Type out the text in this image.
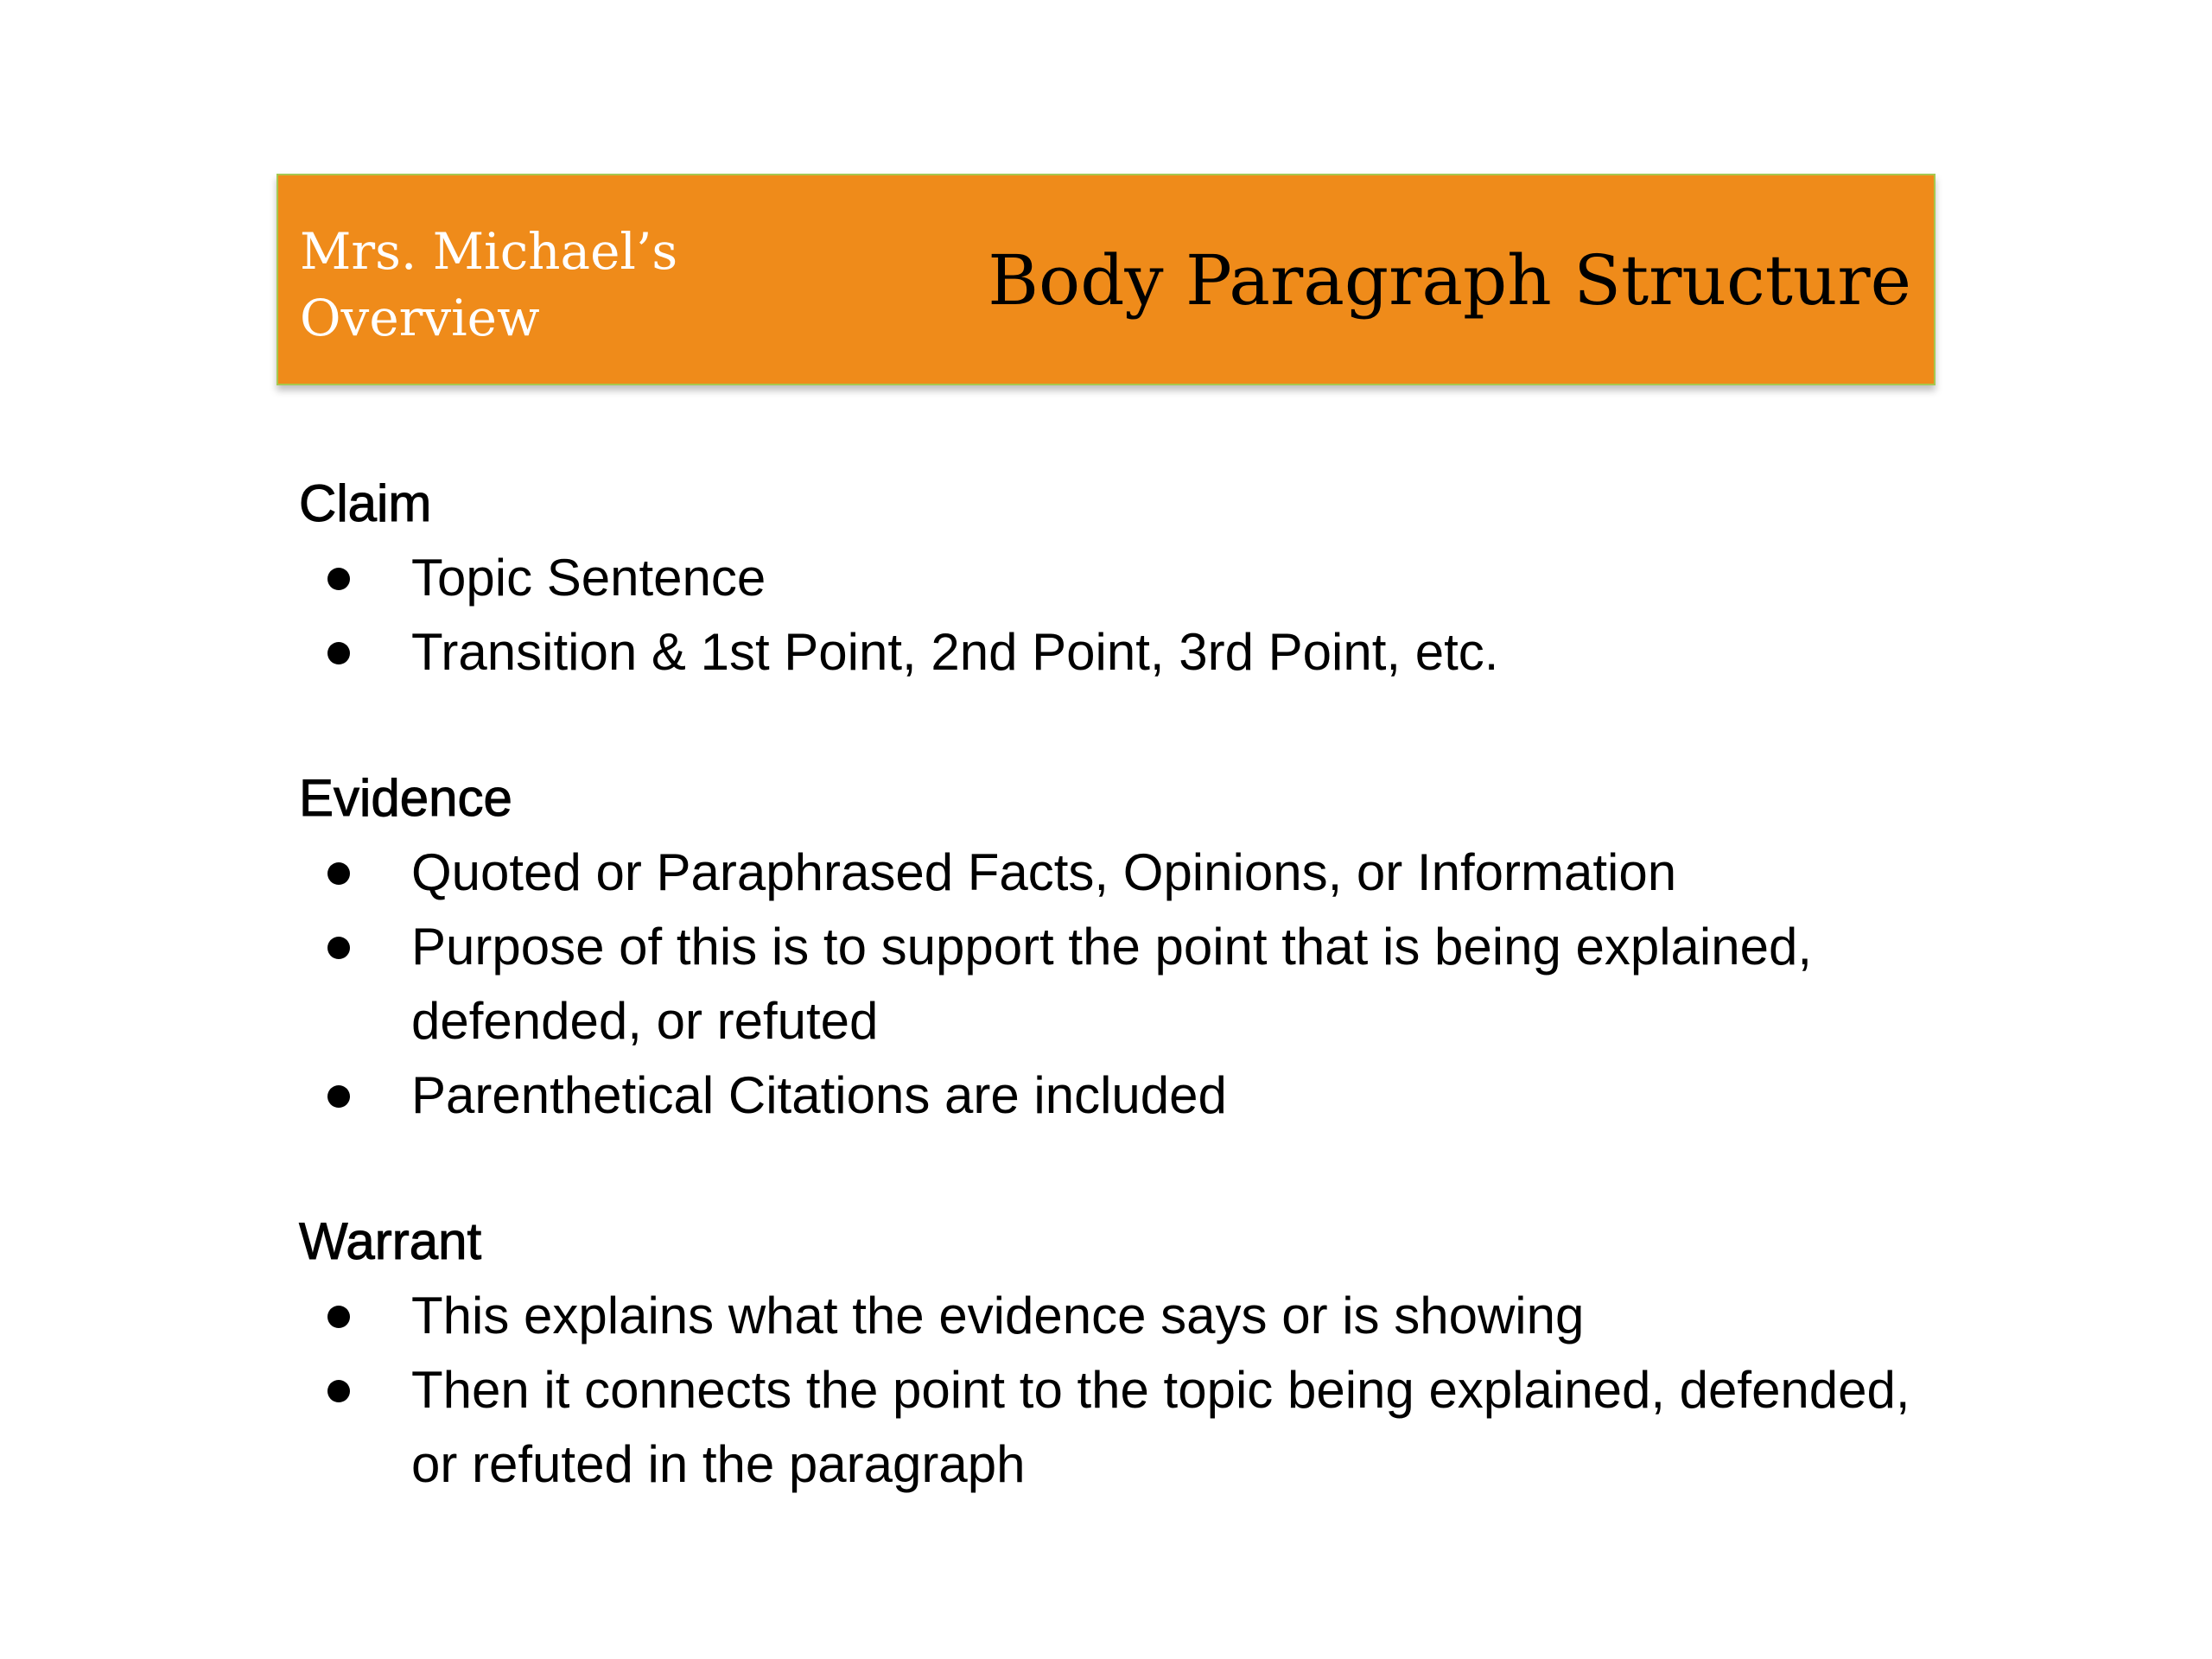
Mrs. Michael’s
Overview	Body Paragraph Structure
Claim
Topic Sentence
Transition & 1st Point, 2nd Point, 3rd Point, etc.
Evidence
Quoted or Paraphrased Facts, Opinions, or Information
Purpose of this is to support the point that is being explained, defended, or refuted
Parenthetical Citations are included
Warrant
This explains what the evidence says or is showing
Then it connects the point to the topic being explained, defended, or refuted in the paragraph
